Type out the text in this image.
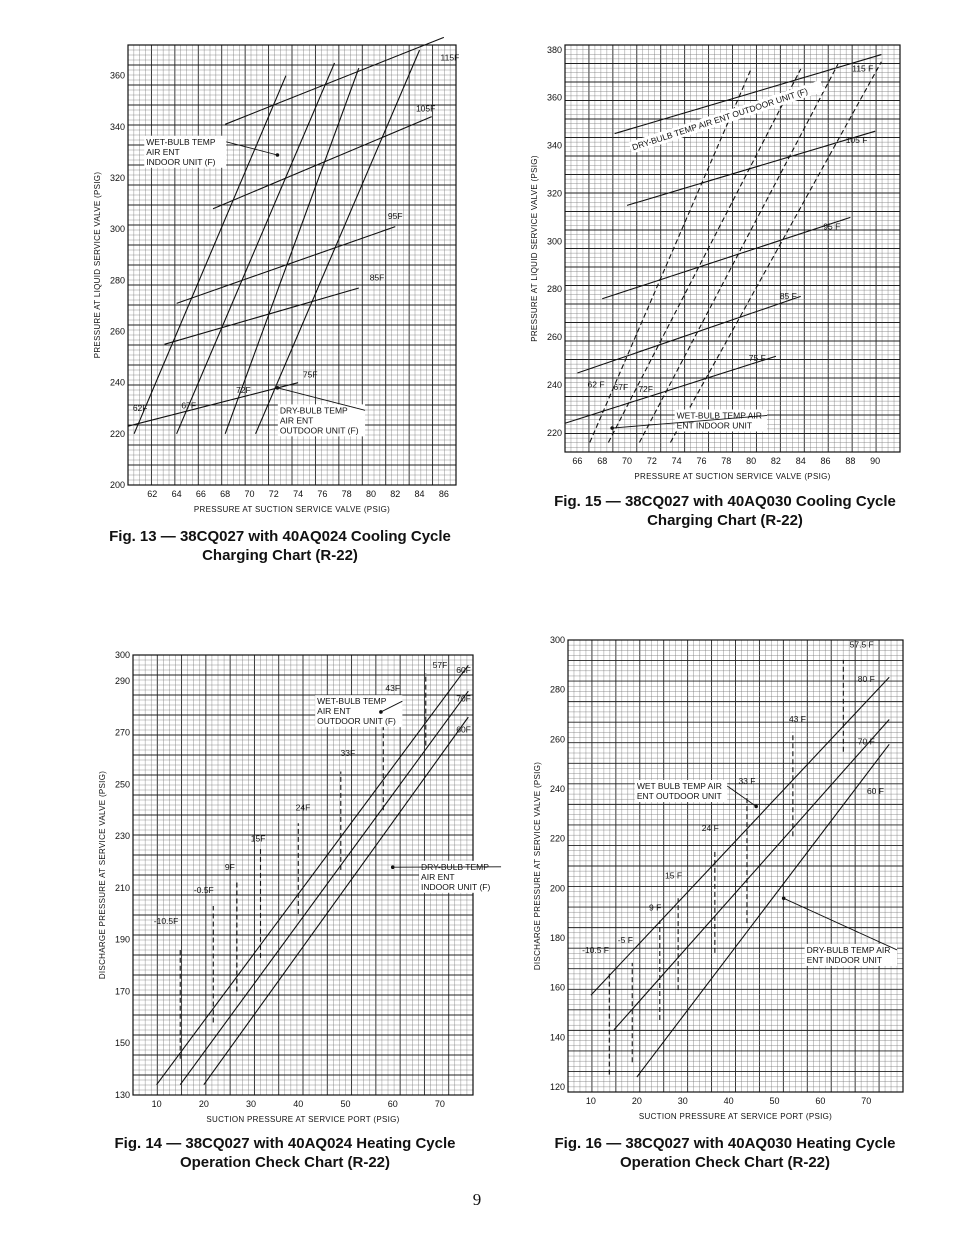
62 64 66 68 70 72 74 76 78 80 82 84 86
200
220
240
260
280
300
320
340
360
PRESSURE AT SUCTION SERVICE VALVE (PSIG)
PRESSURE AT LIQUID SERVICE VALVE (PSIG)
62F	67F
72F
75F
85F
95F
105F
115F
WET-BULB TEMP
AIR ENT
INDOOR UNIT (F)
DRY-BULB TEMP
AIR ENT
OUTDOOR UNIT (F)
Fig. 13 — 38CQ027 with 40AQ024 Cooling Cycle
Charging Chart (R-22)
66 68 70 72 74 76 78 80 82 84 86 88 90
220
240
260
280
300
320
340
360
380
PRESSURE AT SUCTION SERVICE VALVE (PSIG)
PRESSURE AT LIQUID SERVICE VALVE (PSIG)
62 F 67F 72F
75 F
85 F
95 F
105 F
115 F
DRY-BULB TEMP AIR ENT OUTDOOR UNIT (F)
WET-BULB TEMP AIR
ENT INDOOR UNIT
Fig. 15 — 38CQ027 with 40AQ030 Cooling Cycle
Charging Chart (R-22)
10	20	30	40	50	60	70
130
150
170
190
210
230
250
270
290
300
SUCTION PRESSURE AT SERVICE PORT (PSIG)
DISCHARGE PRESSURE AT SERVICE VALVE (PSIG)	-10.5F
-0.5F
9F
15F
24F
33F
43F
57F
60F
70F
60F
WET-BULB TEMP
AIR ENT
OUTDOOR UNIT (F)
DRY-BULB TEMP
AIR ENT
INDOOR UNIT (F)
Fig. 14 — 38CQ027 with 40AQ024 Heating Cycle
Operation Check Chart (R-22)
10	20	30	40	50	60	70
120
140
160
180
200
220
240
260
280
300
SUCTION PRESSURE AT SERVICE PORT (PSIG)
DISCHARGE PRESSURE AT SERVICE VALVE (PSIG)	-10.5 F
-5 F
9 F
15 F
24 F
33 F
43 F
57.5 F
80 F
70 F
60 F
WET BULB TEMP AIR
ENT OUTDOOR UNIT
DRY-BULB TEMP AIR
ENT INDOOR UNIT
Fig. 16 — 38CQ027 with 40AQ030 Heating Cycle
Operation Check Chart (R-22)
9
